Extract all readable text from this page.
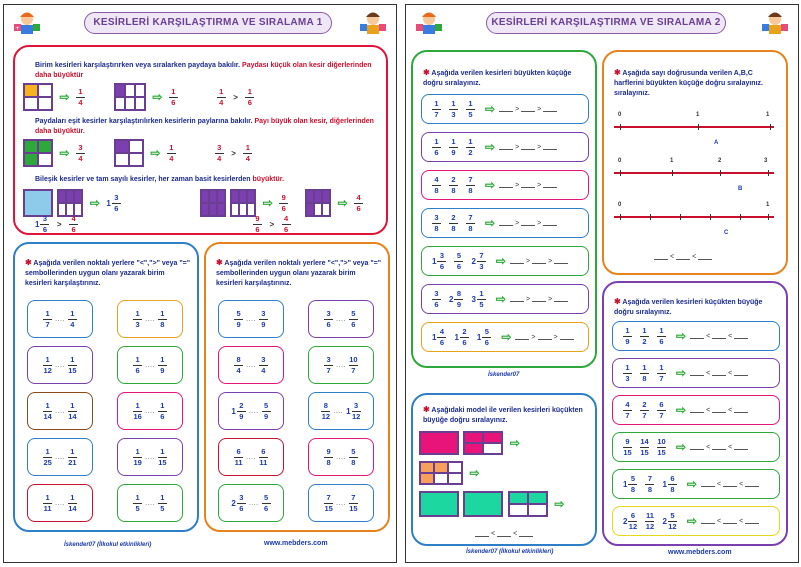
+
KESİRLERİ KARŞILAŞTIRMA VE SIRALAMA 1
Birim kesirleri karşılaştırırken veya sıralarken paydaya bakılır. Paydası küçük olan kesir diğerlerinden daha büyüktür
⇨ $\frac{1}{4}$
	⇨ $\frac{1}{6}$
	$\frac{1}{4} > \frac{1}{6}$
Paydaları eşit kesirler karşılaştırılırken kesirlerin paylarına bakılır. Payı büyük olan kesir, diğerlerinden daha büyüktür.
⇨ $\frac{3}{4}$
	⇨ $\frac{1}{4}$
	$\frac{3}{4} > \frac{1}{4}$
Bileşik kesirler ve tam sayılı kesirler, her zaman basit kesirlerden büyüktür.

⇨ $1 \frac{3}{6}$

	⇨ $\frac{9}{6}$
	⇨ $\frac{4}{6}$
$1 \frac{3}{6} > \frac{4}{6}$	$\frac{9}{6} > \frac{4}{6}$
✱ Aşağıda verilen noktalı yerlere "<",">" veya "=" sembollerinden uygun olanı yazarak birim kesirleri karşılaştırınız.
$\frac{1}{7}$ .... $\frac{1}{4}$	$\frac{1}{3}$ .... $\frac{1}{8}$
$\frac{1}{12}$ .... $\frac{1}{15}$	$\frac{1}{6}$ .... $\frac{1}{9}$
$\frac{1}{14}$ .... $\frac{1}{14}$	$\frac{1}{16}$ .... $\frac{1}{6}$
$\frac{1}{25}$ .... $\frac{1}{21}$	$\frac{1}{19}$ .... $\frac{1}{15}$
$\frac{1}{11}$ .... $\frac{1}{14}$	$\frac{1}{5}$ .... $\frac{1}{5}$
✱ Aşağıda verilen noktalı yerlere "<",">" veya "=" sembollerinden uygun olanı yazarak birim kesirleri karşılaştırınız.
$\frac{5}{9}$ .... $\frac{3}{9}$	$\frac{3}{6}$ .... $\frac{5}{6}$
$\frac{8}{4}$ .... $\frac{3}{4}$	$\frac{3}{7}$ .... $\frac{10}{7}$
$1 \frac{2}{9}$ .... $\frac{5}{9}$	$\frac{8}{12}$ .... $1 \frac{3}{12}$
$\frac{6}{11}$ .... $\frac{6}{11}$	$\frac{9}{8}$ .... $\frac{5}{8}$
$2 \frac{3}{6}$ .... $\frac{5}{6}$	$\frac{7}{15}$ .... $\frac{7}{15}$
İskender07 (İlkokul etkinlikleri)	www.mebders.com
KESİRLERİ KARŞILAŞTIRMA VE SIRALAMA 2
✱ Aşağıda verilen kesirleri büyükten küçüğe doğru sıralayınız.
$\frac{1}{7} \frac{1}{3} \frac{1}{5}$ ⇨	>	>
$\frac{1}{6} \frac{1}{9} \frac{1}{2}$ ⇨	>	>
$\frac{4}{8} \frac{2}{8} \frac{7}{8}$ ⇨	>	>
$\frac{3}{8} \frac{2}{8} \frac{7}{8}$ ⇨	>	>
$1 \frac{3}{6} \frac{5}{6} 2 \frac{7}{3}$ ⇨	>	>
$\frac{3}{6} 2 \frac{8}{9} 3 \frac{1}{5}$ ⇨	>	>
$1 \frac{4}{6} 1 \frac{2}{6} 1 \frac{5}{6}$ ⇨	>	>
İskender07
✱ Aşağıda sayı doğrusunda verilen A,B,C harflerini büyükten küçüğe doğru sıralayınız. sıralayınız.
0	1	1
A
0	1	2	3
B
0	1
C
<	<
✱ Aşağıda verilen kesirleri küçükten büyüğe doğru sıralayınız.
$\frac{1}{9} \frac{1}{2} \frac{1}{6}$ ⇨	<	<
$\frac{1}{3} \frac{1}{8} \frac{1}{7}$ ⇨	<	<
$\frac{4}{7} \frac{2}{7} \frac{6}{7}$ ⇨	<	<
$\frac{9}{15} \frac{14}{15} \frac{10}{15}$ ⇨	<	<
$1 \frac{5}{8} \frac{7}{8} 1 \frac{6}{8}$ ⇨	<	<
$2 \frac{6}{12} \frac{11}{12} 2 \frac{5}{12}$ ⇨	<	<
✱ Aşağıdaki model ile verilen kesirleri küçükten büyüğe doğru sıralayınız.

⇨
⇨

⇨
<	<
İskender07 (İlkokul etkinlikleri)	www.mebders.com
